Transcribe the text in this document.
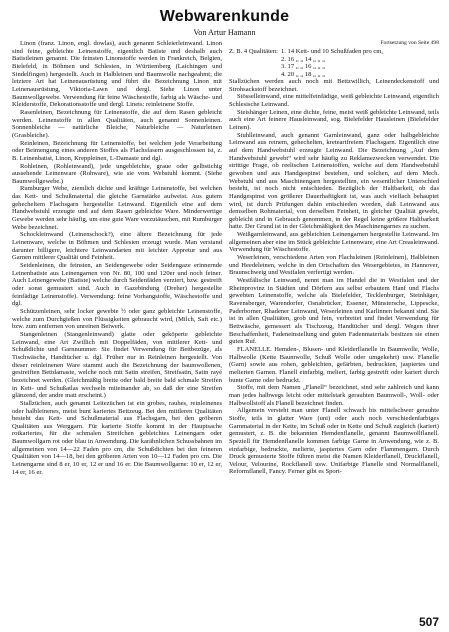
Webwarenkunde
Von Artur Hamann

Linon (franz. Linon, engl. dowlas), auch genannt Schleierleinwand. Linon sind feine, gebleichte Leinenstoffe, eigentlich Batiste und deshalb auch Batistleinen genannt. Die feinsten Linonstoffe werden in Frankreich, Belgien, Bielefeld, in Böhmen und Schlesien, in Württemberg (Laichingen und Sindelfingen) hergestellt. Auch in Halbleinen und Baumwolle nachgeahmt; die letztere Art hat Leinenausrüstung und führt die Bezeichnung Linon mit Leinenausrüstung, Viktoria-Lawn und dergl. Siehe Linon unter Baumwollgewebe. Verwendung für feine Wäschestoffe, farbig als Wäsche- und Kleiderstoffe, Dekorationsstoffe und dergl. Linets: reinleinene Stoffe.

Rasenleinen, Bezeichnung für Leinenstoffe, die auf dem Rasen gebleicht werden. Leinenstoffe in allen Qualitäten, auch genannt Sonnenleinen. Sonnenbleiche — natürliche Bleiche, Naturbleiche — Naturleinen (Grasbleiche).

Reinleinen, Bezeichnung für Leinenstoffe, bei welchen jede Verarbeitung oder Beimengung eines anderen Stoffes als Flachsfasern ausgeschlossen ist, z. B. Leinenbatist, Linon, Kreppleinen, L-Damaste und dgl.

Rohleinen, (Rohleinwand), jede ungebleichte, graue oder gelbstichig aussehende Leinenware (Rohware), wie sie vom Webstuhl kommt. (Siehe Baumwollgewebe.)

Rumburger Webe, ziemlich dichte und kräftige Leinenstoffe, bei welchen das Kett- und Schußmaterial die gleiche Garnstärke aufweist. Aus gutem gehecheltem Flachsgarn hergestellte Leinwand. Eigentlich eine auf dem Handwebstuhl erzeugte und auf dem Rasen gebleichte Ware. Minderwertige Gewebe werden sehr häufig, um eine gute Ware vorzutäuschen, mit Rumburger Webe bezeichnet.

Schockleinwand (Leinenschock?), eine ältere Bezeichnung für jede Leinenware, welche in Böhmen und Schlesien erzeugt wurde. Man verstand darunter billigere, leichtere Leinwandarten mit leichter Appretur und aus Garnen mittlerer Qualität und Feinheit.

Seidenleinen, die feinsten, an Seidengewebe oder Seidengaze erinnernde Leinenbatiste aus Leinengarnen von Nr. 80, 100 und 120er und noch feiner. Auch Leinengewebe (Batiste) welche durch Seidenfäden verziert, bzw. gestreift oder sonst gemustert sind. Auch in Gazebindung (Dreher) hergestellte feinfädige Leinenstoffe). Verwendung: feine Vorhangstoffe, Wäschestoffe und dgl.

Schützenleinen, sehr locker gewebte ½ oder ganz gebleichte Leinenstoffe, welche zum Durchgießen von Flüssigkeiten gebraucht wird, (Milch, Saft etc.) bzw. zum entfernen von unreinen Beiwerk.

Stangenleinen (Stangenleinwand) glatte oder geköperte gebleichte Leinwand, eine Art Zwillich mit Doppelfäden, von mittlerer Kett- und Schußdichte und Garnnummer. Sie findet Verwendung für Bettbezüge, als Tischwäsche, Handtücher u. dgl. Früher nur in Reinleinen hergestellt. Von dieser reinleinenen Ware stammt auch die Bezeichnung der baumwollenen, gestreiften Bettdamaste, welche noch mit Satin streifen, Streifsatin, Satin rayé bezeichnet werden. (Gleichmäßig breite oder bald breite bald schmale Streifen in Kett- und Schußatlas wechseln miteinander ab, so daß der eine Streifen glänzend, der andre matt erscheint.)

Stallzüchen, auch genannt Leitezüchen ist ein grobes, rauhes, reinleinenes oder halbleinenes, meist bunt kariertes Bettzeug. Bei den mittleren Qualitäten besteht das Kett- und Schußmaterial aus Flachsgarn, bei den gröberen Qualitäten aus Werggarn. Für karierte Stoffe kommt in der Hauptsache rotkariertes, für die schmalen Streifchen gebleichtes Leinengarn oder Baumwollgarn rot oder blau in Anwendung. Die karähnlichen Schussbahnen im allgemeinen von 14—22 Faden pro cm, die Schußdichten bei den feineren Qualitäten von 14—18, bei den gröberen Arten von 10—12 Faden pro cm. Die Leinengarne sind 8 er, 10 er, 12 er und 16 er. Die Baumwollgarne: 10 er, 12 er, 14 er, 16 er.

Fortsetzung von Seite 498
Z. B. 4 Qualitäten: 1. 14 Kett- und 10 Schußfaden pro cm,
2. 16 „ „ 14 „ „ „
3. 17 „ „ 16 „ „ „
4. 20 „ „ 18 „ „ „

Stallzüchen werden auch noch mit Bettzwillich, Leinendeckenstoff und Strohsackstoff bezeichnet.

Stösselleinwand, eine mittelfeinfädige, weiß gebleichte Leinwand, eigentlich Schlesische Leinwand.

Steishänger Leinen, eine dichte, feine, meist weiß gebleichte Leinwand, teils auch eine Art feinere Hausleinwand, sog. Bielefelder Hausleinen (Bielefelder Leinen).

Stuhlleinwand, auch genannt Garnleinwand, ganz oder halbgebleichte Leinwand aus reinem, gehechelten, kreteartfreiem Flachsgarn. Eigentlich eine auf dem Handwebstuhl erzeugte Leinwand. Die Bezeichnung „Auf dem Handwebstuhl gewebt“ wird sehr häufig zu Reklamezwecken verwendet. Die strittige Frage, ob reelischen Leinenstoffen, welche auf dem Handwebstuhl gewoben und aus Handgespinst bestehen, und solchen, auf dem Mech. Webstuhl und aus Maschinengarn hergestellten, ein wesentlicher Unterschied besteht, ist noch nicht entschieden. Bezüglich der Haltbarkeit, ob das Handgespinst von größerer Dauerhaftigkeit ist, was auch vielfach behauptet wird, ist durch Prüfungen dahin entschieden worden, daß Leinwand aus demselben Rohmaterial, von derselben Feinheit, in gleicher Qualität gewebt, gebleicht und in Gebrauch genommen, in der Regel keine größere Haltbarkeit hatte. Der Grund ist in der Gleichmäßigkeit des Maschinengarnes zu suchen.

Weißgarnleinwand, aus gebleichten Leinengarnen hergestellte Leinwand. Im allgemeinen aber eine im Stück gebleichte Leinenware, eine Art Creasleinwand. Verwendung für Wäschestoffe.

Weserleinen, verschiedene Arten von Flachsleinen (Reinleinen), Halbleinen und Heedeleinen, welche in den Ortschaften des Wesergebietes, in Hannover, Braunschweig und Westfalen verfertigt werden.

Westfälische Leinwand, nennt man im Handel die in Westfalen und der Rheinprovinz in Städten und Dörfern aus selbst erbautem Hanf und Flachs gewebten Leinenstoffe, welche als Bielefelder, Tecklenburger, Steinhäger, Ravensberger, Warendorfer, Osnabrücker, Essener, Münstersche, Lippescke, Paderborner, Rhadener Leinwand, Weserleinen und Karlinnen bekannt sind. Sie ist in allen Qualitäten, grob und fein, verbreitet und findet Verwendung für Bettwäsche, gemessert als Tischzeug, Handtücher und dergl. Wegen ihrer Beschaffenheit, Fadeneinstellung und guten Fadenmaterials besitzen sie einen guten Ruf.

FLANELLE. Hemden-, Blusen- und Kleiderflanelle in Baumwolle, Wolle, Halbwolle (Kette Baumwolle, Schuß Wolle oder umgekehrt) usw. Flanelle (Garn) sowie aus rohen, gebleichten, gefärbten, bedruckten, jaspiertes und melierten Garnen. Flanell einfarbig, meliert, farbig gestreift oder kariert durch bunte Garne oder bedruckt.

Stoffe, mit dem Namen „Flanell“ bezeichnet, sind sehr zahlreich und kann man jedes halbwegs leicht oder mittelstark gerauhten Baumwoll-, Woll- oder Halbwollstoff als Flanell bezeichnet finden.

Allgemein versteht man unter Flanell schwach bis mittelschwer gerauhte Stoffe, teils in glatter Ware (uni) oder auch noch verschiedenfarbiges Garnmaterial in der Kette, im Schuß oder in Kette und Schuß zugleich (kariert) gemustert, z. B. die bekannten Hemdenflanelle, genannt Baumwollflanell. Speziell für Hemdenflanelle kommen farbige Garne in Anwendung, wie z. B. einfarbige, bedruckte, melierte, jaspiertes Garn oder Flammengarn. Durch Druck gemusterte Stoffe führen meist die Namen Kleiderflanell, Druckflanell, Velour, Velourine, Rockflanell usw. Unifarbige Flanelle sind Normalflanell, Reformflanell, Fancy. Ferner gibt es Sport-

507
